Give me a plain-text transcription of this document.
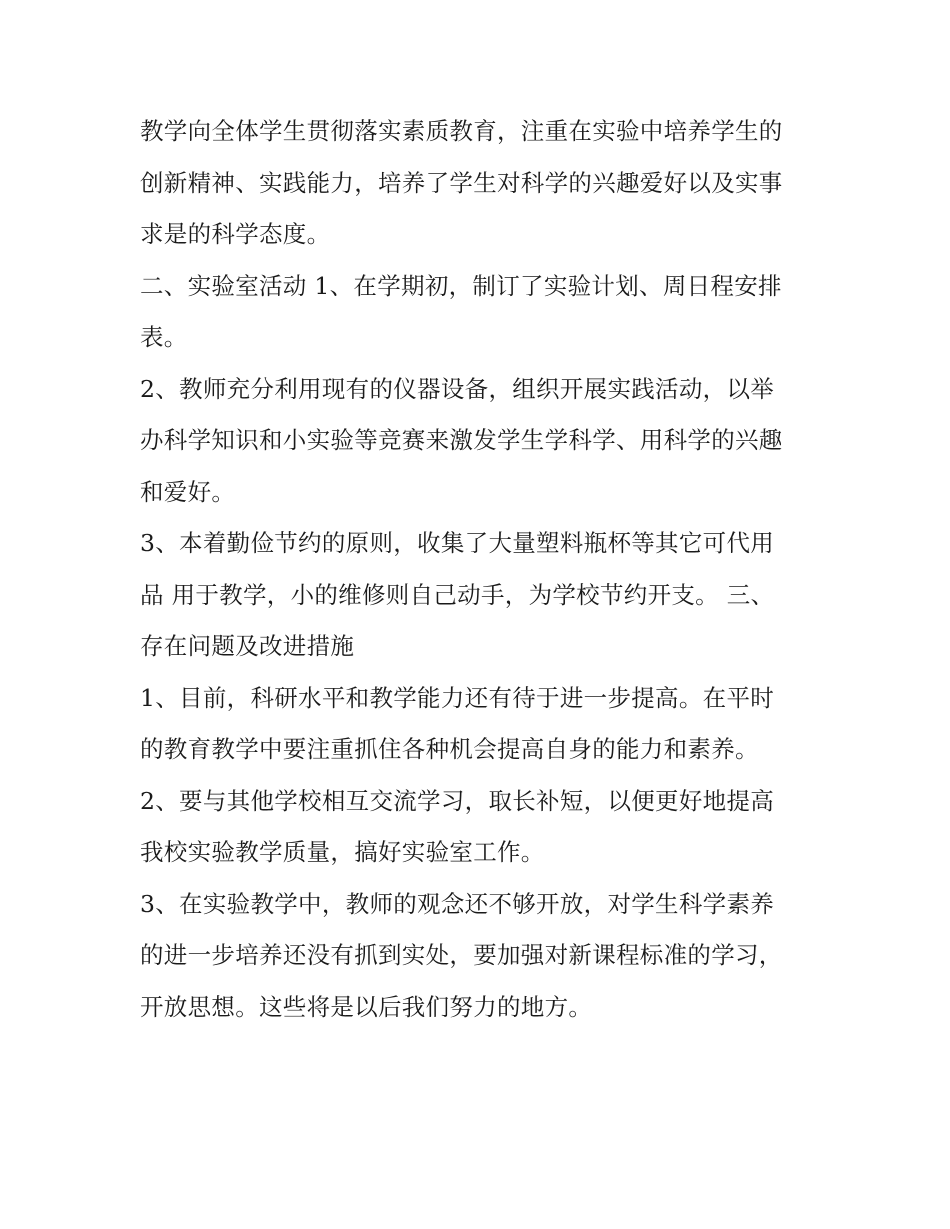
教学向全体学生贯彻落实素质教育，注重在实验中培养学生的
创新精神、实践能力，培养了学生对科学的兴趣爱好以及实事
求是的科学态度。
二、实验室活动 1、在学期初，制订了实验计划、周日程安排
表。
2、教师充分利用现有的仪器设备，组织开展实践活动，以举
办科学知识和小实验等竞赛来激发学生学科学、用科学的兴趣
和爱好。
3、本着勤俭节约的原则，收集了大量塑料瓶杯等其它可代用
品 用于教学，小的维修则自己动手，为学校节约开支。 三、
存在问题及改进措施
1、目前，科研水平和教学能力还有待于进一步提高。在平时
的教育教学中要注重抓住各种机会提高自身的能力和素养。
2、要与其他学校相互交流学习，取长补短，以便更好地提高
我校实验教学质量，搞好实验室工作。
3、在实验教学中，教师的观念还不够开放，对学生科学素养
的进一步培养还没有抓到实处，要加强对新课程标准的学习，
开放思想。这些将是以后我们努力的地方。
